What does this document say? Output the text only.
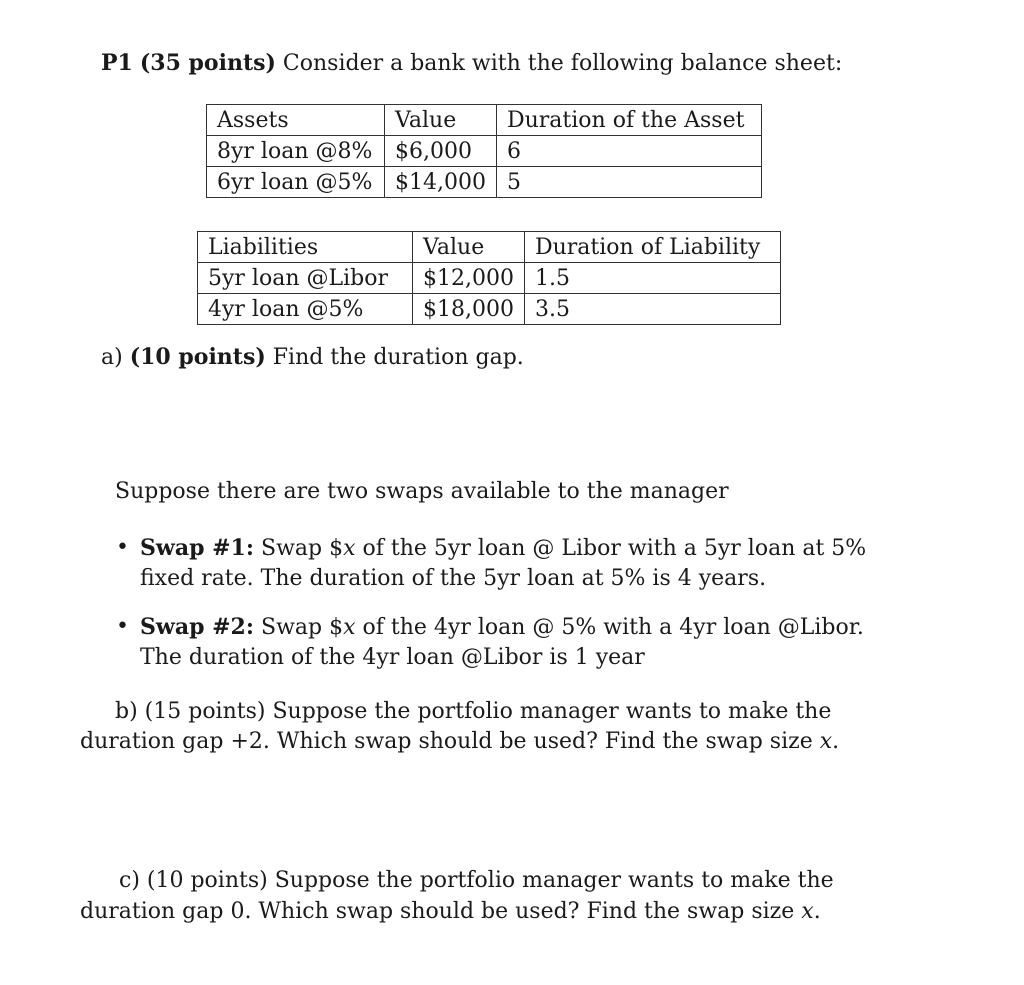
P1 (35 points) Consider a bank with the following balance sheet:
Assets	Value	Duration of the Asset
8yr loan @8%	$6,000	6
6yr loan @5%	$14,000	5
Liabilities	Value	Duration of Liability
5yr loan @Libor	$12,000	1.5
4yr loan @5%	$18,000	3.5
a) (10 points) Find the duration gap.
Suppose there are two swaps available to the manager
• Swap #1: Swap $x of the 5yr loan @ Libor with a 5yr loan at 5%
fixed rate. The duration of the 5yr loan at 5% is 4 years.
• Swap #2: Swap $x of the 4yr loan @ 5% with a 4yr loan @Libor.
The duration of the 4yr loan @Libor is 1 year
b) (15 points) Suppose the portfolio manager wants to make the
duration gap +2. Which swap should be used? Find the swap size x.
c) (10 points) Suppose the portfolio manager wants to make the
duration gap 0. Which swap should be used? Find the swap size x.
